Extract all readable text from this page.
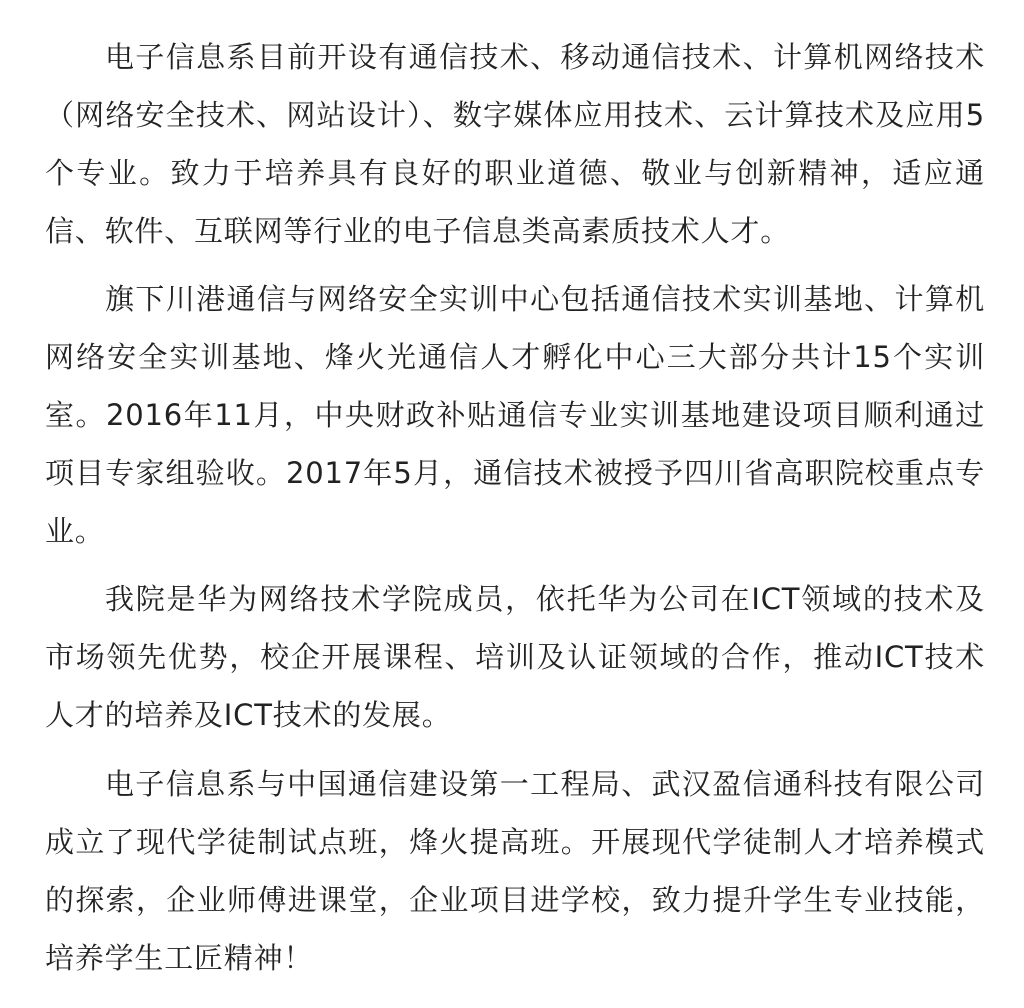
电子信息系目前开设有通信技术、移动通信技术、计算机网络技术（网络安全技术、网站设计）、数字媒体应用技术、云计算技术及应用5个专业。致力于培养具有良好的职业道德、敬业与创新精神，适应通信、软件、互联网等行业的电子信息类高素质技术人才。

旗下川港通信与网络安全实训中心包括通信技术实训基地、计算机网络安全实训基地、烽火光通信人才孵化中心三大部分共计15个实训室。2016年11月，中央财政补贴通信专业实训基地建设项目顺利通过项目专家组验收。2017年5月，通信技术被授予四川省高职院校重点专业。

我院是华为网络技术学院成员，依托华为公司在ICT领域的技术及市场领先优势，校企开展课程、培训及认证领域的合作，推动ICT技术人才的培养及ICT技术的发展。

电子信息系与中国通信建设第一工程局、武汉盈信通科技有限公司成立了现代学徒制试点班，烽火提高班。开展现代学徒制人才培养模式的探索，企业师傅进课堂，企业项目进学校，致力提升学生专业技能，培养学生工匠精神！
